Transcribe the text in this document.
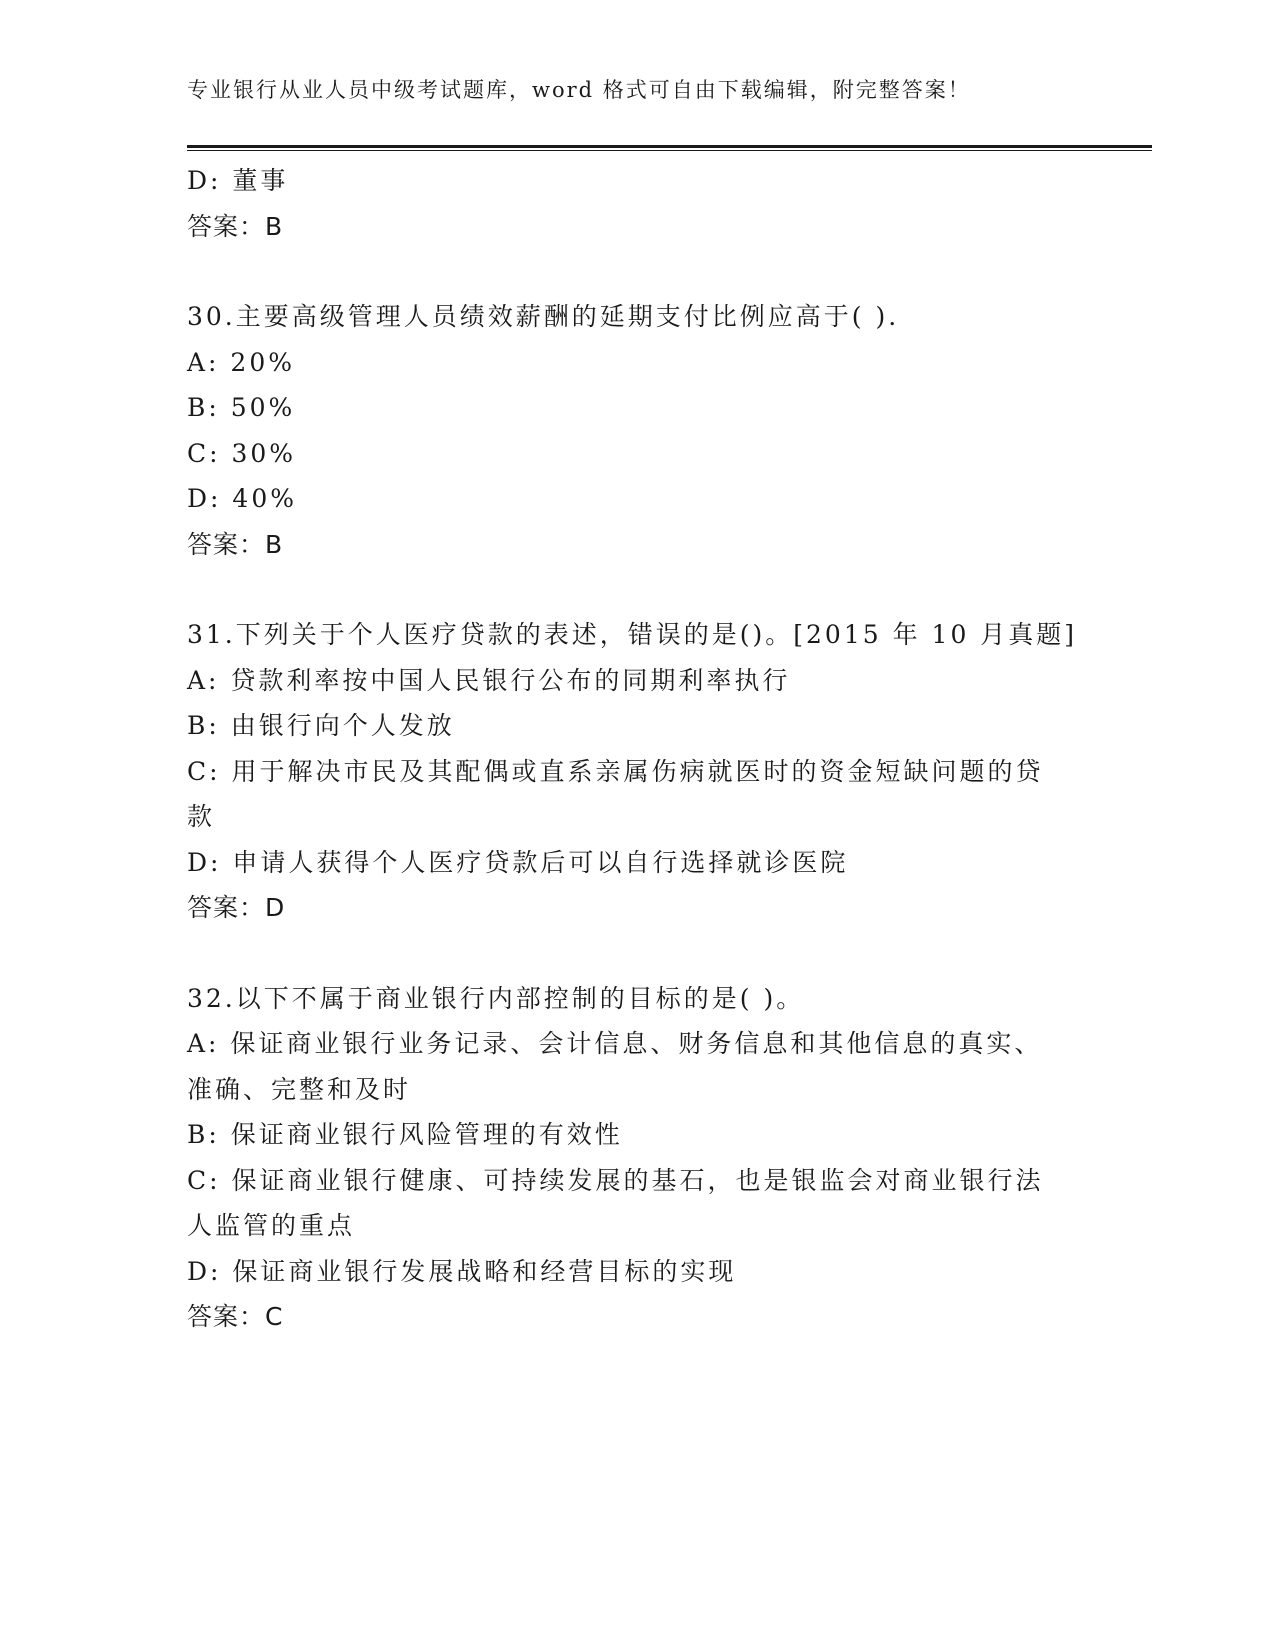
专业银行从业人员中级考试题库，word 格式可自由下载编辑，附完整答案！
D: 董事
答案：B
30.主要高级管理人员绩效薪酬的延期支付比例应高于( ).
A: 20%
B: 50%
C: 30%
D: 40%
答案：B
31.下列关于个人医疗贷款的表述，错误的是()。[2015 年 10 月真题]
A: 贷款利率按中国人民银行公布的同期利率执行
B: 由银行向个人发放
C: 用于解决市民及其配偶或直系亲属伤病就医时的资金短缺问题的贷款
D: 申请人获得个人医疗贷款后可以自行选择就诊医院
答案：D
32.以下不属于商业银行内部控制的目标的是( )。
A: 保证商业银行业务记录、会计信息、财务信息和其他信息的真实、准确、完整和及时
B: 保证商业银行风险管理的有效性
C: 保证商业银行健康、可持续发展的基石，也是银监会对商业银行法人监管的重点
D: 保证商业银行发展战略和经营目标的实现
答案：C
